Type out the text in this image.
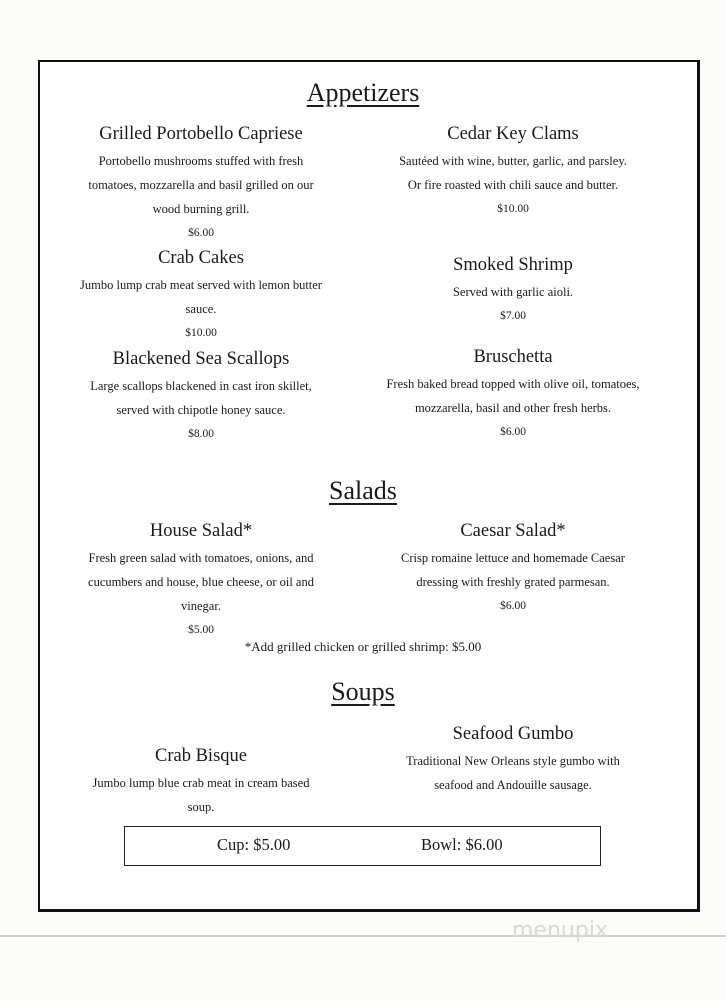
Appetizers
Grilled Portobello Capriese
Portobello mushrooms stuffed with fresh
tomatoes, mozzarella and basil grilled on our
wood burning grill.
$6.00
Cedar Key Clams
Sautéed with wine, butter, garlic, and parsley.
Or fire roasted with chili sauce and butter.
$10.00
Crab Cakes
Jumbo lump crab meat served with lemon butter
sauce.
$10.00
Smoked Shrimp
Served with garlic aioli.
$7.00
Blackened Sea Scallops
Large scallops blackened in cast iron skillet,
served with chipotle honey sauce.
$8.00
Bruschetta
Fresh baked bread topped with olive oil, tomatoes,
mozzarella, basil and other fresh herbs.
$6.00
Salads
House Salad*
Fresh green salad with tomatoes, onions, and
cucumbers and house, blue cheese, or oil and
vinegar.
$5.00
Caesar Salad*
Crisp romaine lettuce and homemade Caesar
dressing with freshly grated parmesan.
$6.00
*Add grilled chicken or grilled shrimp: $5.00
Soups
Crab Bisque
Jumbo lump blue crab meat in cream based
soup.
Seafood Gumbo
Traditional New Orleans style gumbo with
seafood and Andouille sausage.
Cup: $5.00	Bowl: $6.00
menupix
